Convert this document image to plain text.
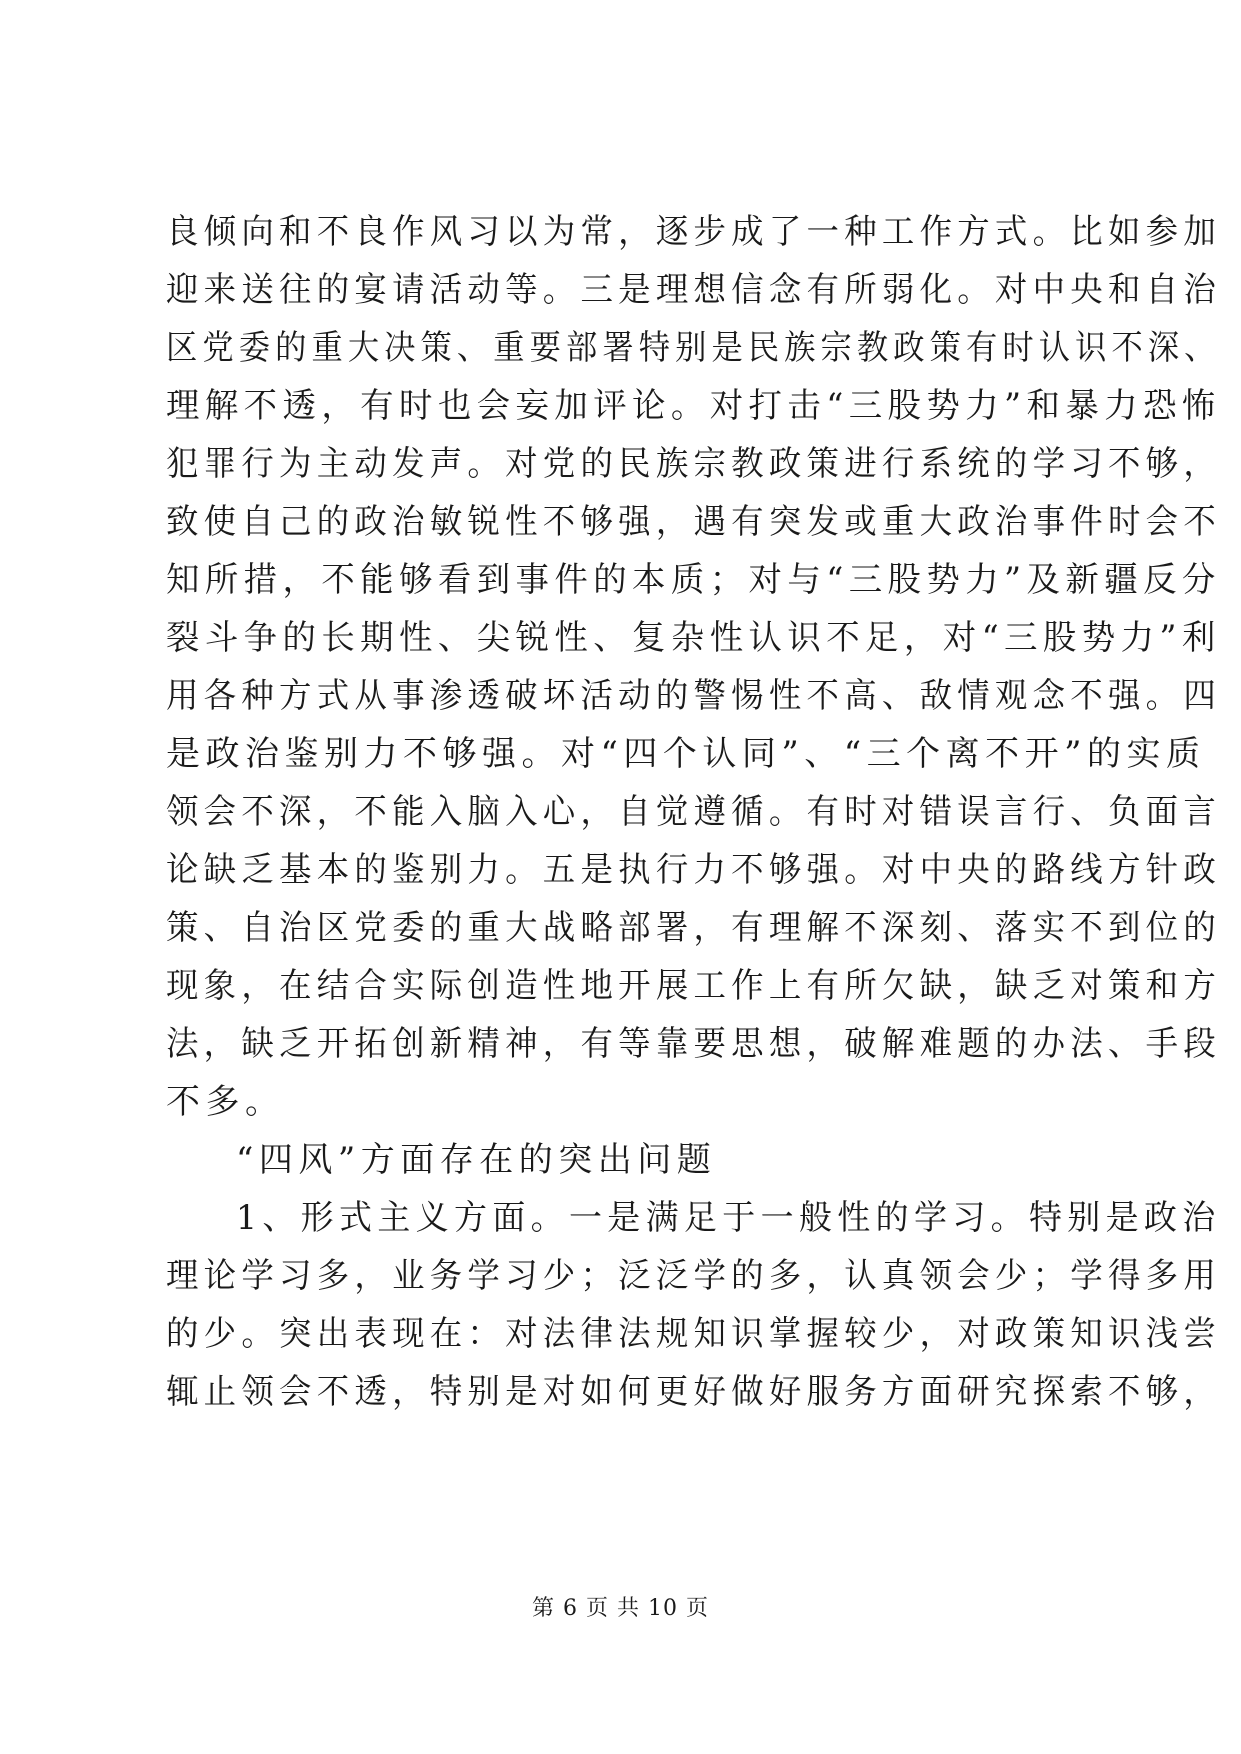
良倾向和不良作风习以为常，逐步成了一种工作方式。比如参加
迎来送往的宴请活动等。三是理想信念有所弱化。对中央和自治
区党委的重大决策、重要部署特别是民族宗教政策有时认识不深、
理解不透，有时也会妄加评论。对打击“三股势力”和暴力恐怖
犯罪行为主动发声。对党的民族宗教政策进行系统的学习不够，
致使自己的政治敏锐性不够强，遇有突发或重大政治事件时会不
知所措，不能够看到事件的本质；对与“三股势力”及新疆反分
裂斗争的长期性、尖锐性、复杂性认识不足，对“三股势力”利
用各种方式从事渗透破坏活动的警惕性不高、敌情观念不强。四
是政治鉴别力不够强。对“四个认同”、“三个离不开”的实质
领会不深，不能入脑入心，自觉遵循。有时对错误言行、负面言
论缺乏基本的鉴别力。五是执行力不够强。对中央的路线方针政
策、自治区党委的重大战略部署，有理解不深刻、落实不到位的
现象，在结合实际创造性地开展工作上有所欠缺，缺乏对策和方
法，缺乏开拓创新精神，有等靠要思想，破解难题的办法、手段
不多。
“四风”方面存在的突出问题
1、形式主义方面。一是满足于一般性的学习。特别是政治
理论学习多，业务学习少；泛泛学的多，认真领会少；学得多用
的少。突出表现在：对法律法规知识掌握较少，对政策知识浅尝
辄止领会不透，特别是对如何更好做好服务方面研究探索不够，
第 6 页 共 10 页
